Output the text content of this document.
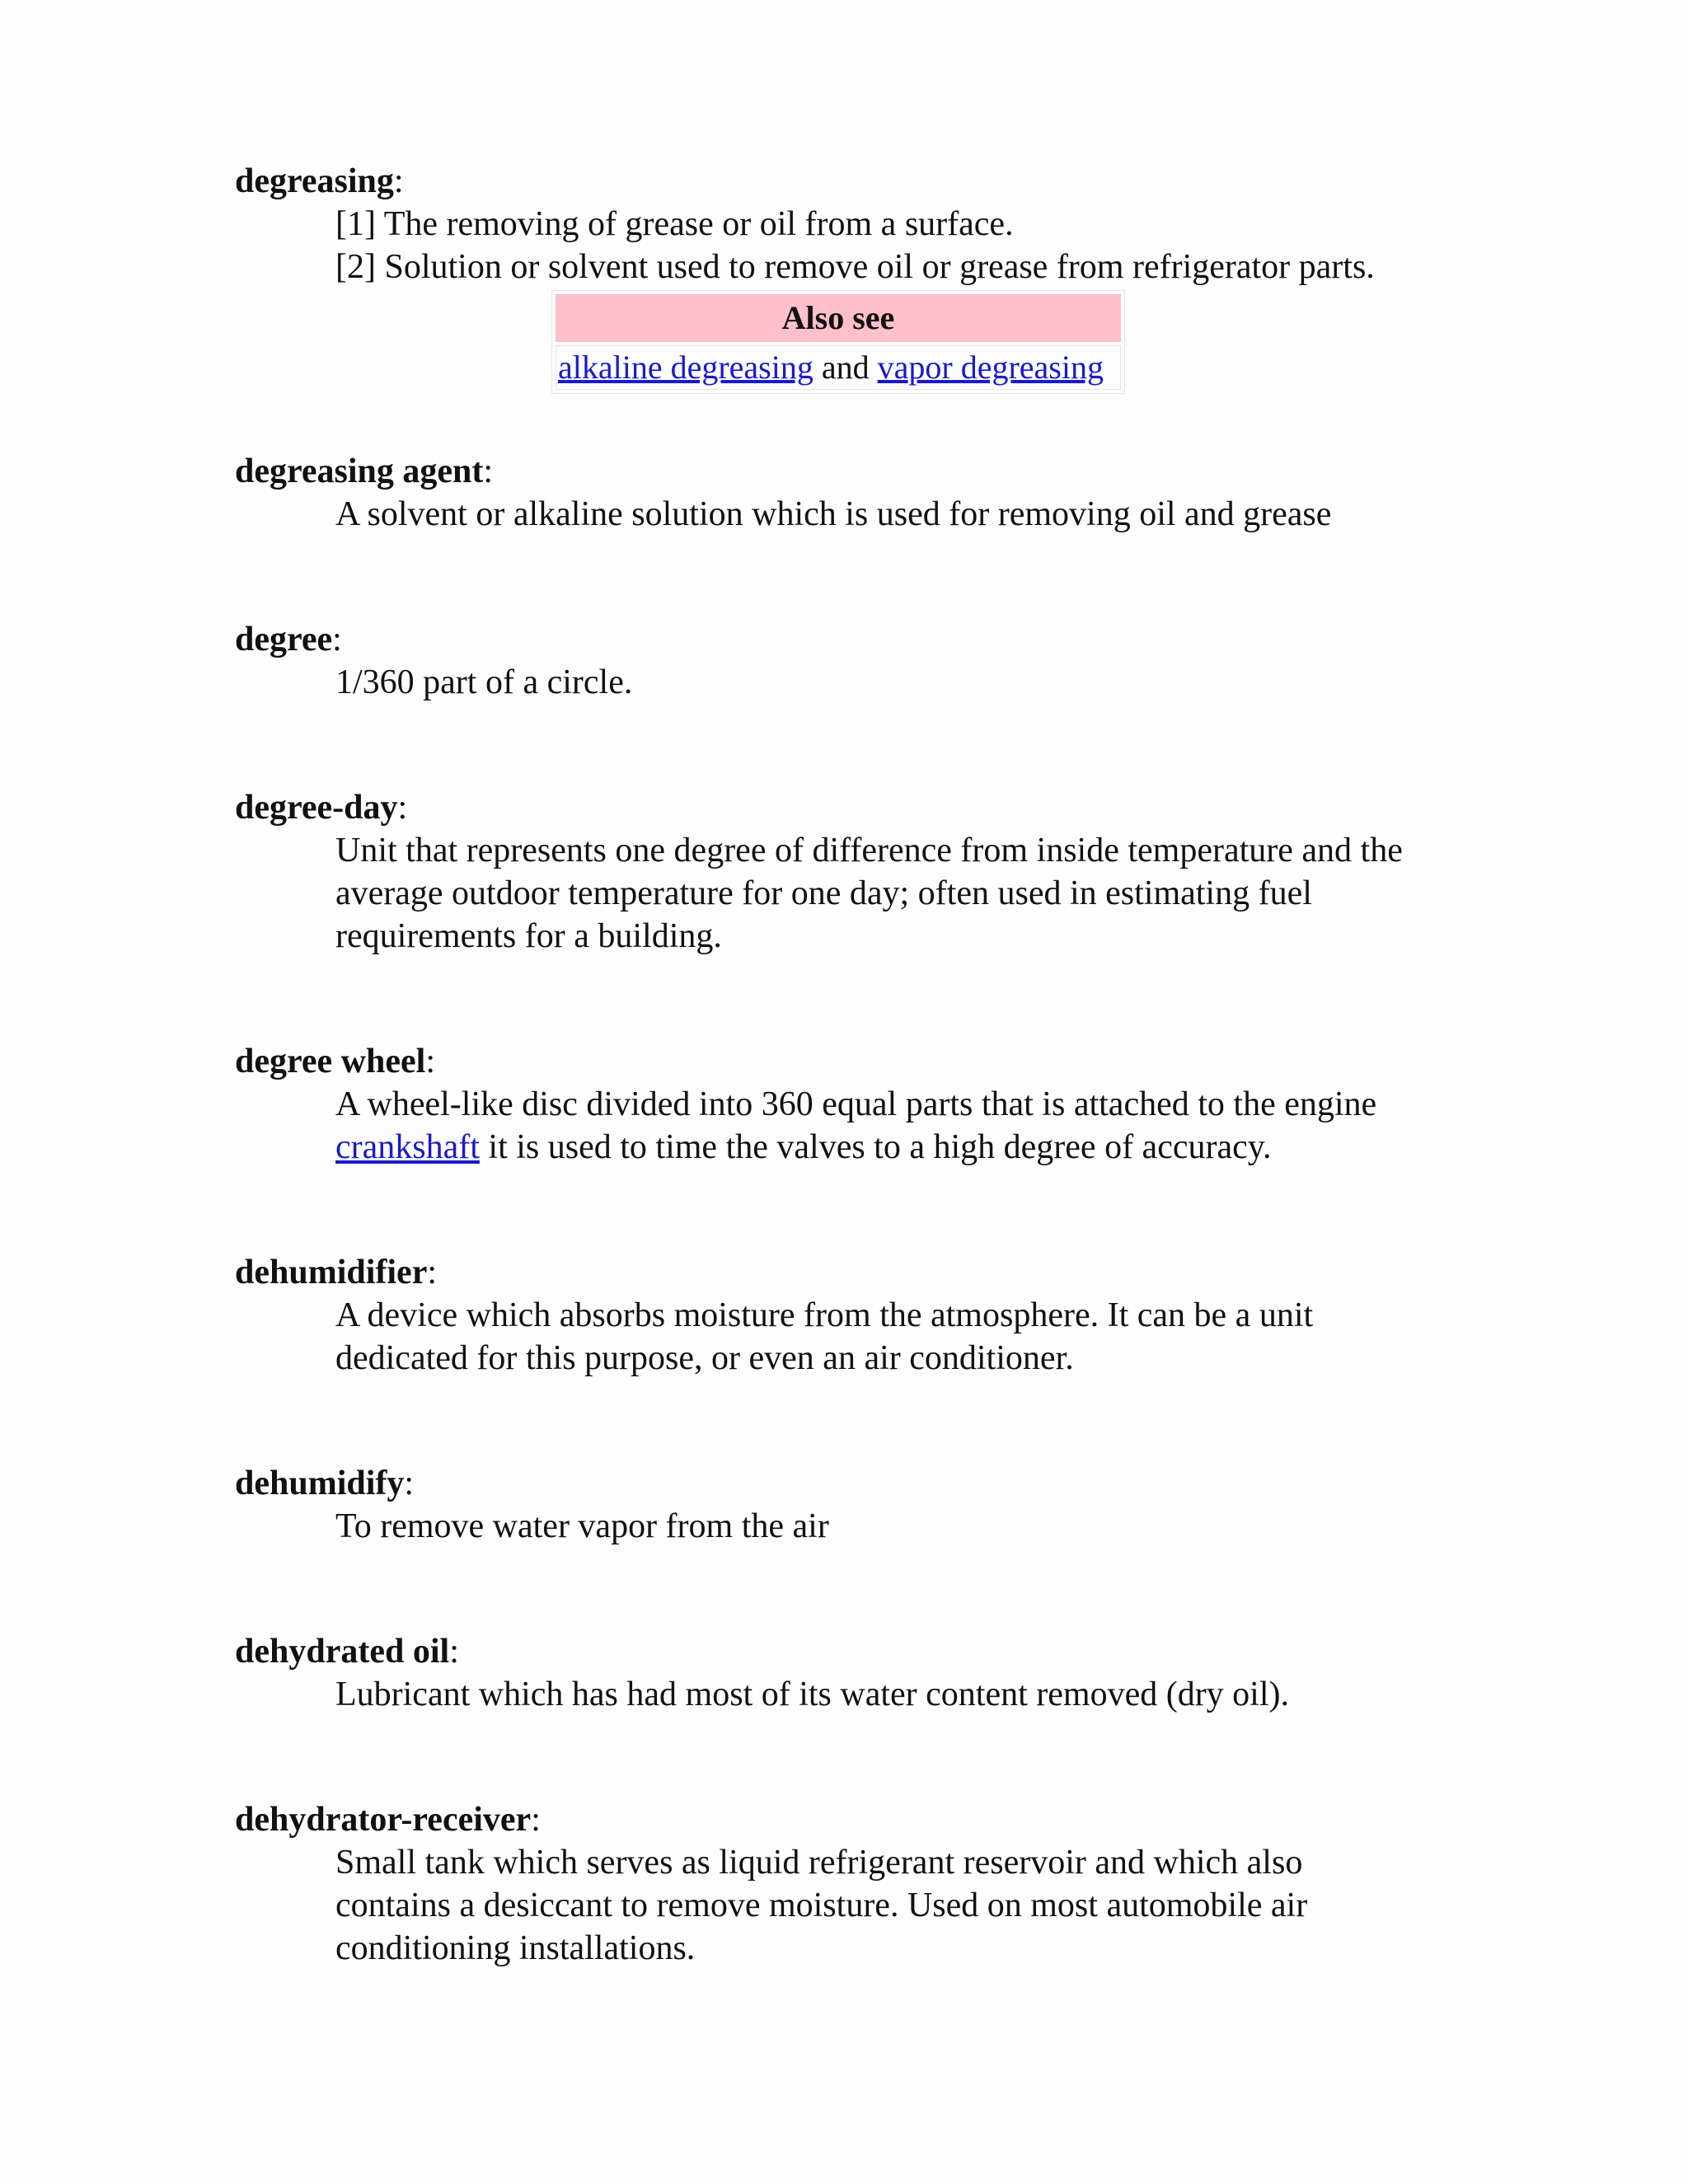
degreasing:

[1] The removing of grease or oil from a surface.

[2] Solution or solvent used to remove oil or grease from refrigerator parts.

Also see
alkaline degreasing and vapor degreasing

degreasing agent:

A solvent or alkaline solution which is used for removing oil and grease

degree:

1/360 part of a circle.

degree-day:

Unit that represents one degree of difference from inside temperature and the average outdoor temperature for one day; often used in estimating fuel requirements for a building.

degree wheel:

A wheel-like disc divided into 360 equal parts that is attached to the engine crankshaft it is used to time the valves to a high degree of accuracy.

dehumidifier:

A device which absorbs moisture from the atmosphere. It can be a unit dedicated for this purpose, or even an air conditioner.

dehumidify:

To remove water vapor from the air

dehydrated oil:

Lubricant which has had most of its water content removed (dry oil).

dehydrator-receiver:

Small tank which serves as liquid refrigerant reservoir and which also contains a desiccant to remove moisture. Used on most automobile air conditioning installations.
